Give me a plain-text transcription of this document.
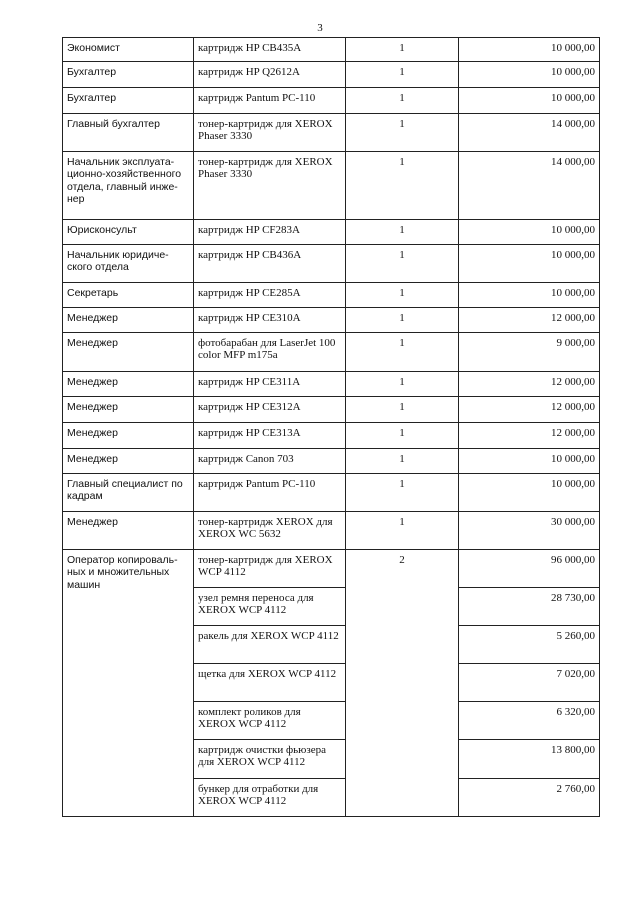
3
Экономист	картридж HP CB435A	1	10 000,00
Бухгалтер	картридж HP Q2612A	1	10 000,00
Бухгалтер	картридж Pantum PC-110	1	10 000,00
Главный бухгалтер	тонер-картридж для XEROX Phaser 3330	1	14 000,00
Начальник эксплуата-ционно-хозяйственного отдела, главный инже-нер	тонер-картридж для XEROX Phaser 3330	1	14 000,00
Юрисконсульт	картридж HP CF283A	1	10 000,00
Начальник юридиче-ского отдела	картридж HP CB436A	1	10 000,00
Секретарь	картридж HP CE285A	1	10 000,00
Менеджер	картридж HP CE310A	1	12 000,00
Менеджер	фотобарабан для LaserJet 100 color MFP m175a	1	9 000,00
Менеджер	картридж HP CE311A	1	12 000,00
Менеджер	картридж HP CE312A	1	12 000,00
Менеджер	картридж HP CE313A	1	12 000,00
Менеджер	картридж Canon 703	1	10 000,00
Главный специалист по кадрам	картридж Pantum PC-110	1	10 000,00
Менеджер	тонер-картридж XEROX для XEROX WC 5632	1	30 000,00
Оператор копироваль-ных и множительных машин	тонер-картридж для XEROX WCP 4112	2	96 000,00
	узел ремня переноса для XEROX WCP 4112		28 730,00
	ракель для XEROX WCP 4112		5 260,00
	щетка для XEROX WCP 4112		7 020,00
	комплект роликов для XEROX WCP 4112		6 320,00
	картридж очистки фьюзера для XEROX WCP 4112		13 800,00
	бункер для отработки для XEROX WCP 4112		2 760,00
